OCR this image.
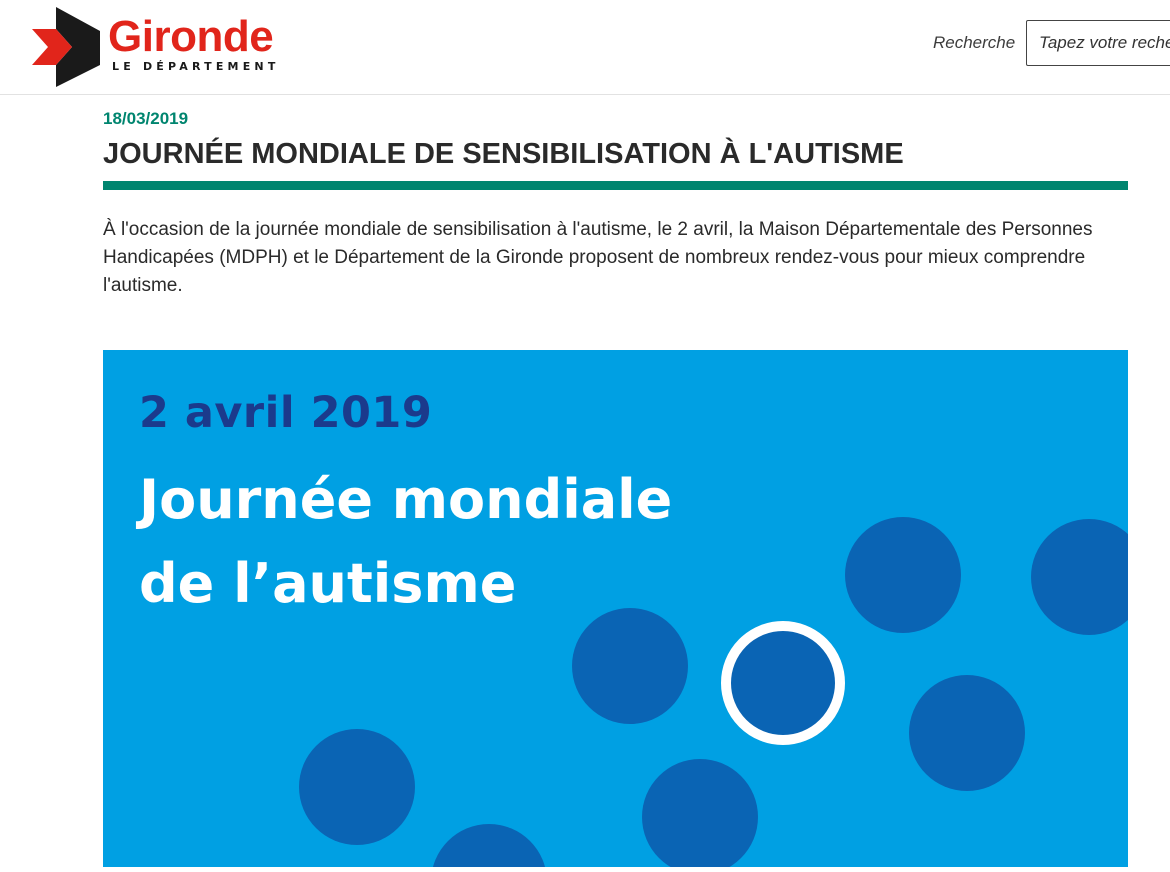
Gironde
LE DÉPARTEMENT
Recherche
Tapez votre recherche
18/03/2019
JOURNÉE MONDIALE DE SENSIBILISATION À L'AUTISME

À l'occasion de la journée mondiale de sensibilisation à l'autisme, le 2 avril, la Maison Départementale des Personnes Handicapées (MDPH) et le Département de la Gironde proposent de nombreux rendez-vous pour mieux comprendre l'autisme.

2 avril 2019
Journée mondiale
de l’autisme
